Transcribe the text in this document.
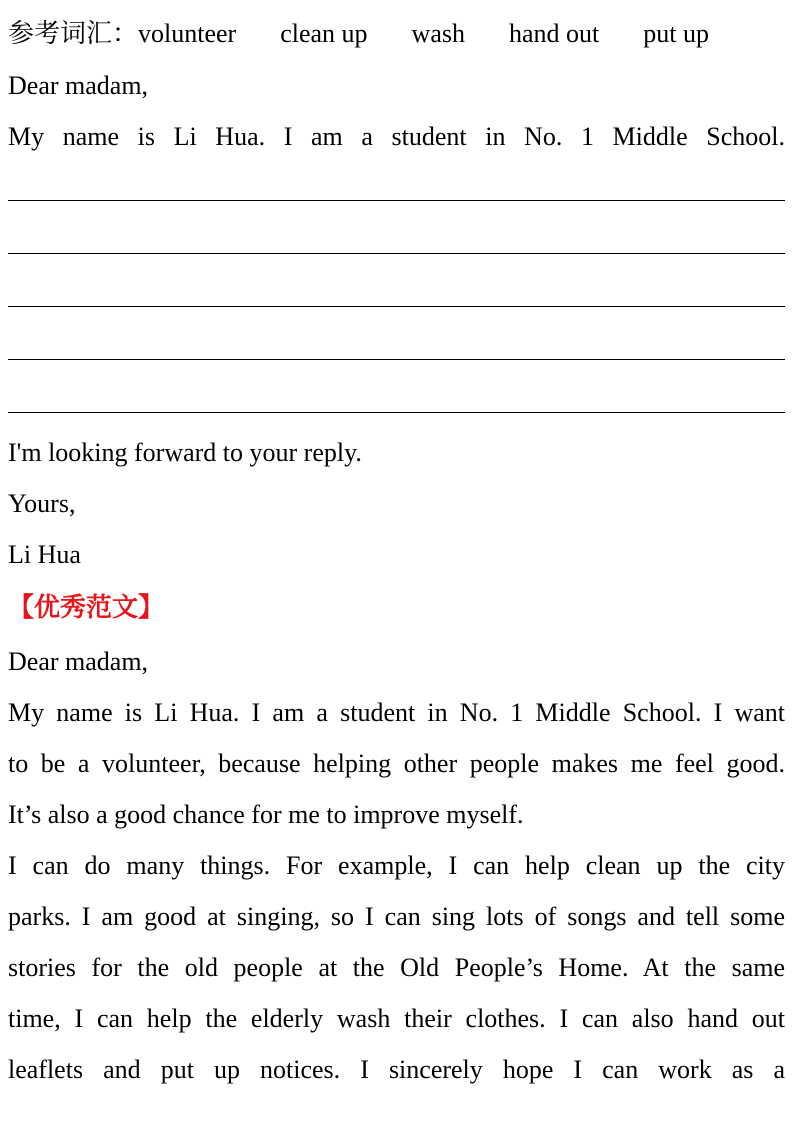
参考词汇： volunteer clean up wash hand out put up
Dear madam,
My name is Li Hua. I am a student in No. 1 Middle School.
I'm looking forward to your reply.
Yours,
Li Hua
【优秀范文】
Dear madam,
My name is Li Hua. I am a student in No. 1 Middle School. I want
to be a volunteer, because helping other people makes me feel good.
It’s also a good chance for me to improve myself.
I can do many things. For example, I can help clean up the city
parks. I am good at singing, so I can sing lots of songs and tell some
stories for the old people at the Old People’s Home. At the same
time, I can help the elderly wash their clothes. I can also hand out
leaflets and put up notices. I sincerely hope I can work as a
